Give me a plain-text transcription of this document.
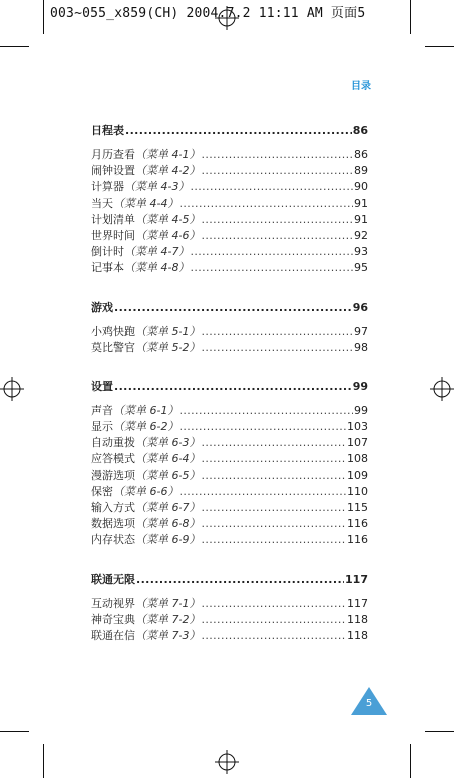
003~055_x859(CH) 2004.7.2 11:11 AM 页面5
目录
日程表 .....	86
月历查看 （菜单 4-1） .....	86
闹钟设置 （菜单 4-2） .....	89
计算器 （菜单 4-3） .....	90
当天 （菜单 4-4） .....	91
计划清单 （菜单 4-5） .....	91
世界时间 （菜单 4-6） .....	92
倒计时 （菜单 4-7） .....	93
记事本 （菜单 4-8） .....	95
游戏 .....	96
小鸡快跑 （菜单 5-1） .....	97
莫比警官 （菜单 5-2） .....	98
设置 .....	99
声音 （菜单 6-1） .....	99
显示 （菜单 6-2） .....	103
自动重拨 （菜单 6-3） .....	107
应答模式 （菜单 6-4） .....	108
漫游选项 （菜单 6-5） .....	109
保密 （菜单 6-6） .....	110
输入方式 （菜单 6-7） .....	115
数据选项 （菜单 6-8） .....	116
内存状态 （菜单 6-9） .....	116
联通无限 .....	117
互动视界 （菜单 7-1） .....	117
神奇宝典 （菜单 7-2） .....	118
联通在信 （菜单 7-3） .....	118
5
